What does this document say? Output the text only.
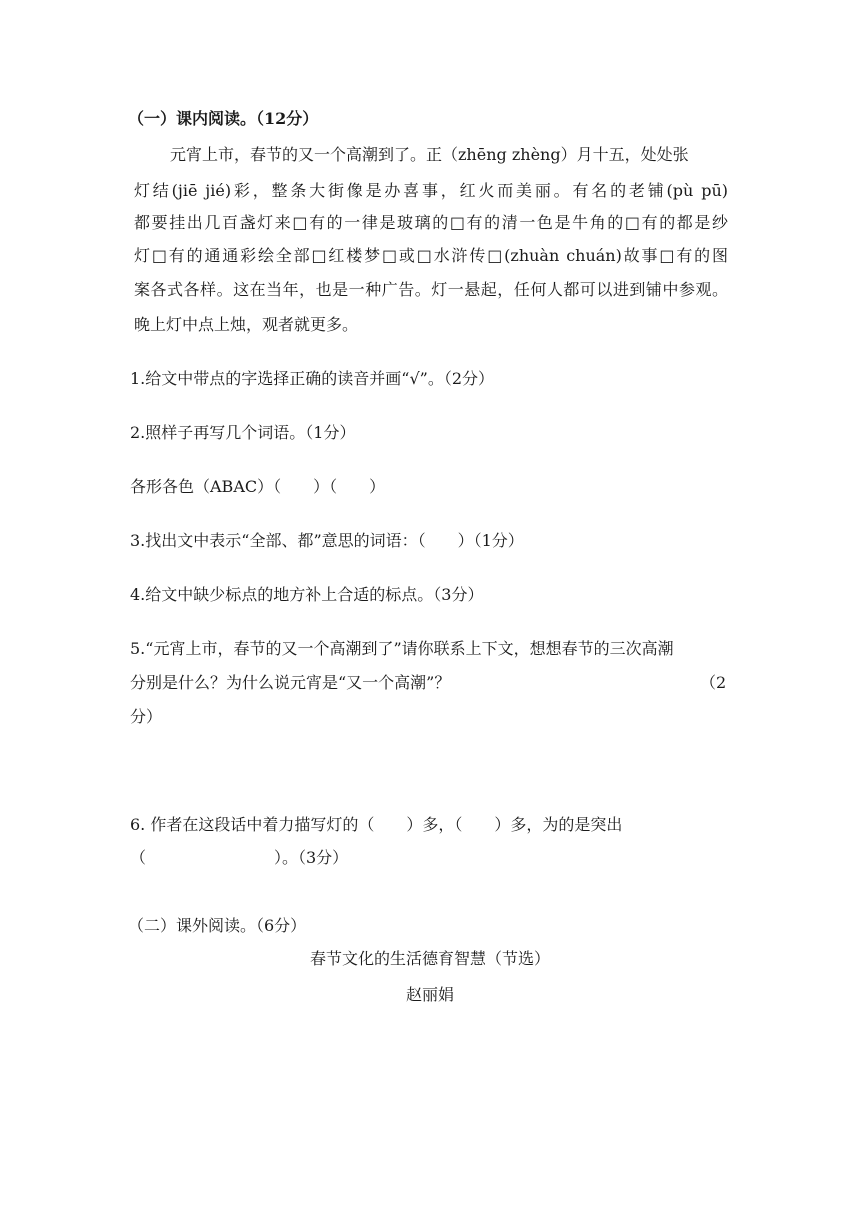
（一）课内阅读。（12分）
元宵上市，春节的又一个高潮到了。正（zhēng zhèng）月十五，处处张
灯结(jiē jié)彩，整条大街像是办喜事，红火而美丽。有名的老铺(pù pū)
都要挂出几百盏灯来□有的一律是玻璃的□有的清一色是牛角的□有的都是纱
灯□有的通通彩绘全部□红楼梦□或□水浒传□(zhuàn chuán)故事□有的图
案各式各样。这在当年，也是一种广告。灯一悬起，任何人都可以进到铺中参观。
晚上灯中点上烛，观者就更多。
1.给文中带点的字选择正确的读音并画“√”。（2分）
2.照样子再写几个词语。（1分）
各形各色（ABAC）（　　）（　　）
3.找出文中表示“全部、都”意思的词语：（　　）（1分）
4.给文中缺少标点的地方补上合适的标点。（3分）
5.“元宵上市，春节的又一个高潮到了”请你联系上下文，想想春节的三次高潮
分别是什么？为什么说元宵是“又一个高潮”？	（2
分）
6. 作者在这段话中着力描写灯的（　　）多，（　　）多，为的是突出
（　　　　　　　　）。（3分）
（二）课外阅读。（6分）
春节文化的生活德育智慧（节选）
赵丽娟
